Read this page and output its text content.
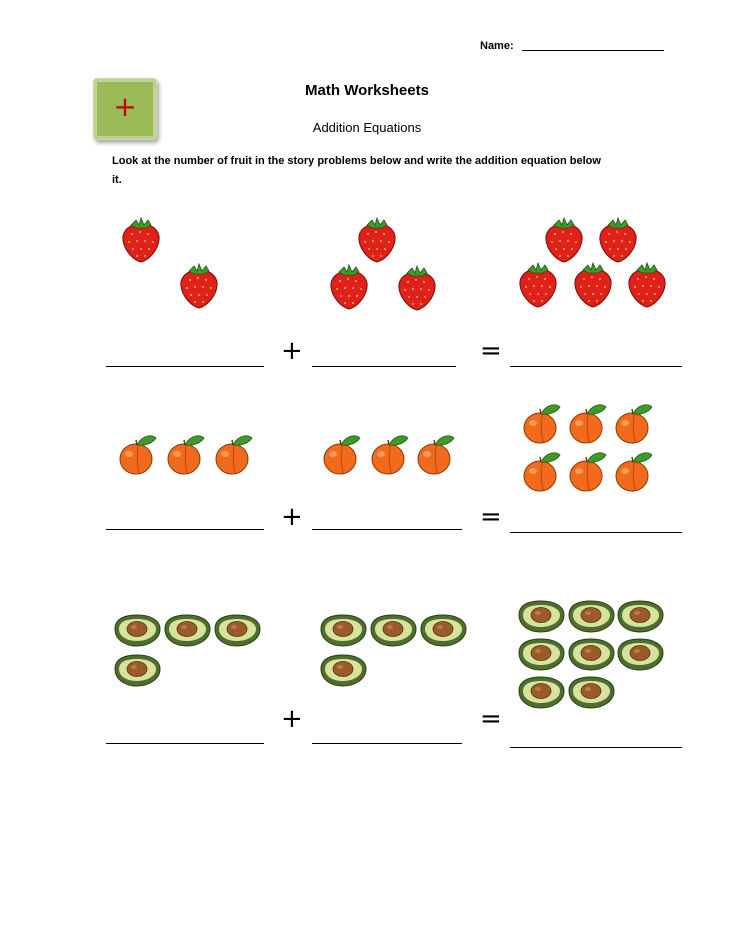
Name:
+	Math Worksheets
Addition Equations
Look at the number of fruit in the story problems below and write the addition equation below it.
+	=
+	=
+	=
